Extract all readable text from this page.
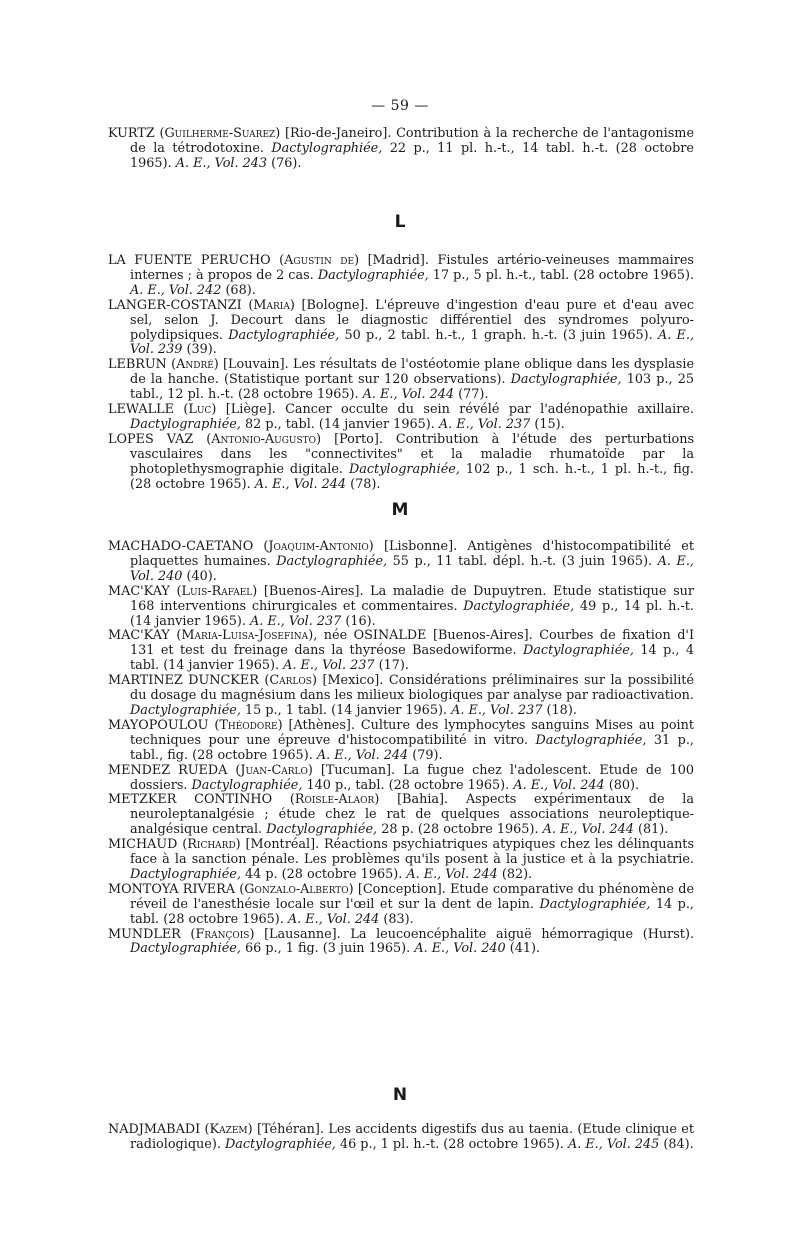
— 59 —

KURTZ (Guilherme-Suarez) [Rio-de-Janeiro]. Contribution à la recherche de l'antagonisme de la tétrodotoxine. Dactylographiée, 22 p., 11 pl. h.-t., 14 tabl. h.-t. (28 octobre 1965). A. E., Vol. 243 (76).

L

LA FUENTE PERUCHO (Agustin de) [Madrid]. Fistules artério-veineuses mammaires internes ; à propos de 2 cas. Dactylographiée, 17 p., 5 pl. h.-t., tabl. (28 octobre 1965). A. E., Vol. 242 (68).

LANGER-COSTANZI (Maria) [Bologne]. L'épreuve d'ingestion d'eau pure et d'eau avec sel, selon J. Decourt dans le diagnostic différentiel des syndromes polyuro-polydipsiques. Dactylographiée, 50 p., 2 tabl. h.-t., 1 graph. h.-t. (3 juin 1965). A. E., Vol. 239 (39).

LEBRUN (André) [Louvain]. Les résultats de l'ostéotomie plane oblique dans les dysplasie de la hanche. (Statistique portant sur 120 observations). Dactylographiée, 103 p., 25 tabl., 12 pl. h.-t. (28 octobre 1965). A. E., Vol. 244 (77).

LEWALLE (Luc) [Liège]. Cancer occulte du sein révélé par l'adénopathie axillaire. Dactylographiée, 82 p., tabl. (14 janvier 1965). A. E., Vol. 237 (15).

LOPES VAZ (Antonio-Augusto) [Porto]. Contribution à l'étude des perturbations vasculaires dans les "connectivites" et la maladie rhumatoïde par la photoplethysmographie digitale. Dactylographiée, 102 p., 1 sch. h.-t., 1 pl. h.-t., fig. (28 octobre 1965). A. E., Vol. 244 (78).

M

MACHADO-CAETANO (Joaquim-Antonio) [Lisbonne]. Antigènes d'histocompatibilité et plaquettes humaines. Dactylographiée, 55 p., 11 tabl. dépl. h.-t. (3 juin 1965). A. E., Vol. 240 (40).

MAC'KAY (Luis-Rafael) [Buenos-Aires]. La maladie de Dupuytren. Etude statistique sur 168 interventions chirurgicales et commentaires. Dactylographiée, 49 p., 14 pl. h.-t. (14 janvier 1965). A. E., Vol. 237 (16).

MAC'KAY (Maria-Luisa-Josefina), née OSINALDE [Buenos-Aires]. Courbes de fixation d'I 131 et test du freinage dans la thyréose Basedowiforme. Dactylographiée, 14 p., 4 tabl. (14 janvier 1965). A. E., Vol. 237 (17).

MARTINEZ DUNCKER (Carlos) [Mexico]. Considérations préliminaires sur la possibilité du dosage du magnésium dans les milieux biologiques par analyse par radioactivation. Dactylographiée, 15 p., 1 tabl. (14 janvier 1965). A. E., Vol. 237 (18).

MAYOPOULOU (Théodore) [Athènes]. Culture des lymphocytes sanguins Mises au point techniques pour une épreuve d'histocompatibilité in vitro. Dactylographiée, 31 p., tabl., fig. (28 octobre 1965). A. E., Vol. 244 (79).

MENDEZ RUEDA (Juan-Carlo) [Tucuman]. La fugue chez l'adolescent. Etude de 100 dossiers. Dactylographiée, 140 p., tabl. (28 octobre 1965). A. E., Vol. 244 (80).

METZKER CONTINHO (Roisle-Alaor) [Bahia]. Aspects expérimentaux de la neuroleptanalgésie ; étude chez le rat de quelques associations neuroleptique-analgésique central. Dactylographiée, 28 p. (28 octobre 1965). A. E., Vol. 244 (81).

MICHAUD (Richard) [Montréal]. Réactions psychiatriques atypiques chez les délinquants face à la sanction pénale. Les problèmes qu'ils posent à la justice et à la psychiatrie. Dactylographiée, 44 p. (28 octobre 1965). A. E., Vol. 244 (82).

MONTOYA RIVERA (Gonzalo-Alberto) [Conception]. Etude comparative du phénomène de réveil de l'anesthésie locale sur l'œil et sur la dent de lapin. Dactylographiée, 14 p., tabl. (28 octobre 1965). A. E., Vol. 244 (83).

MUNDLER (François) [Lausanne]. La leucoencéphalite aiguë hémorragique (Hurst). Dactylographiée, 66 p., 1 fig. (3 juin 1965). A. E., Vol. 240 (41).

N

NADJMABADI (Kazem) [Téhéran]. Les accidents digestifs dus au taenia. (Etude clinique et radiologique). Dactylographiée, 46 p., 1 pl. h.-t. (28 octobre 1965). A. E., Vol. 245 (84).
